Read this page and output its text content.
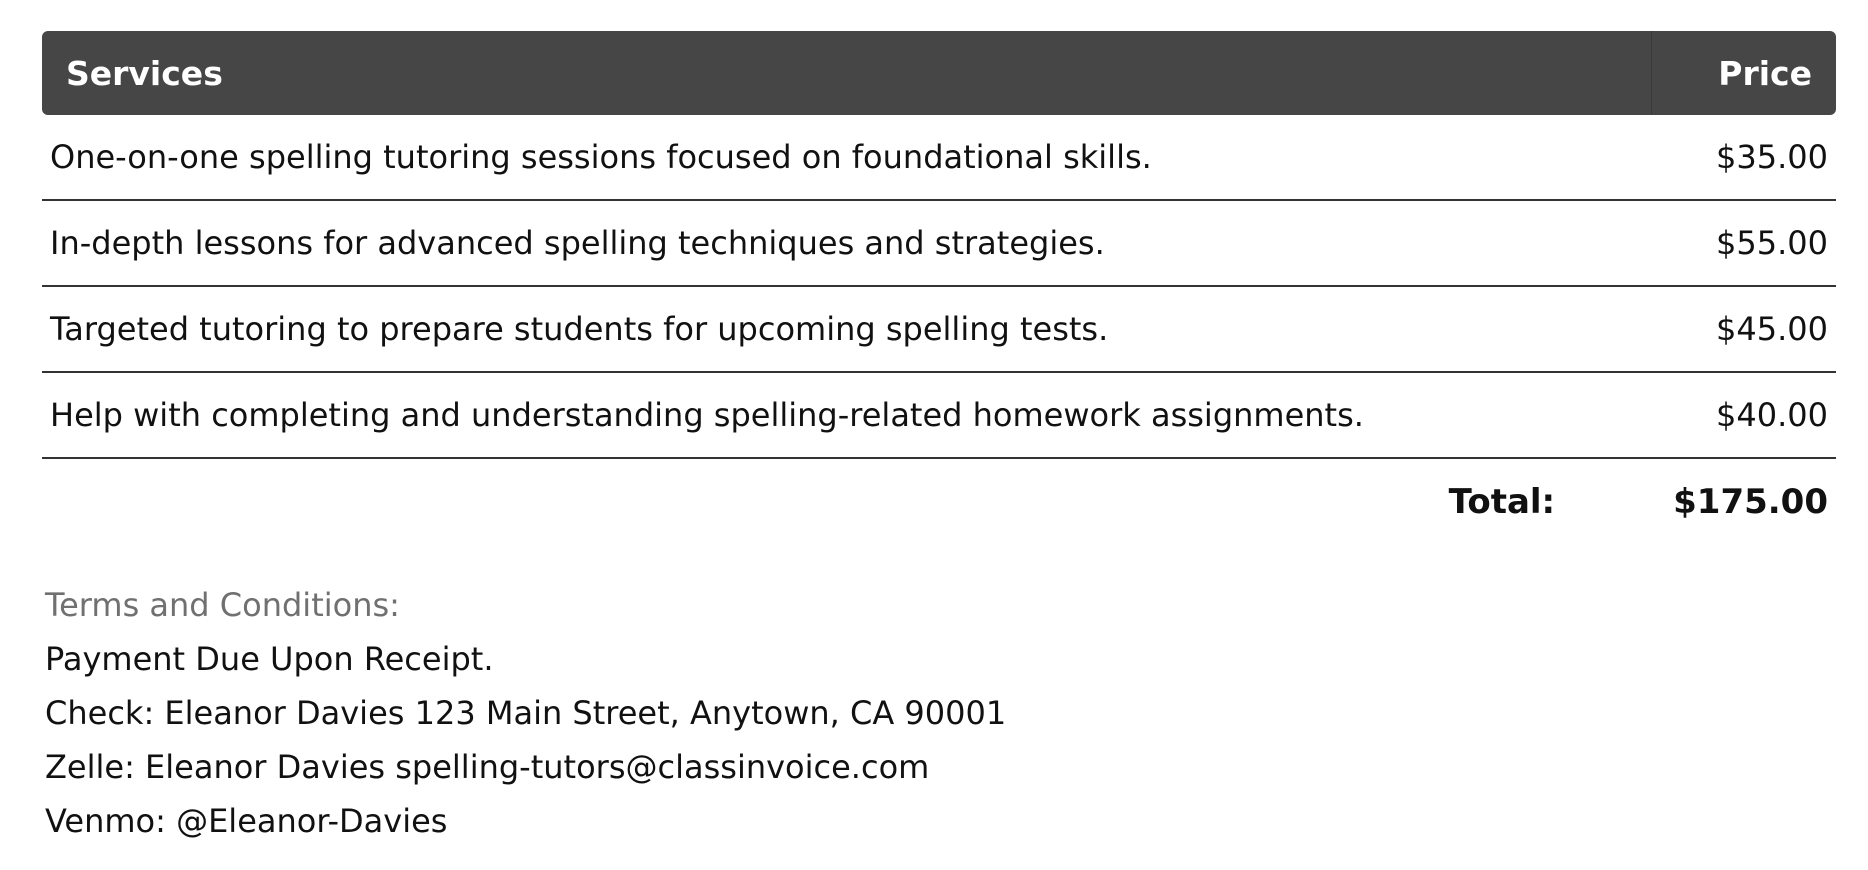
Services	Price
One-on-one spelling tutoring sessions focused on foundational skills.	$35.00
In-depth lessons for advanced spelling techniques and strategies.	$55.00
Targeted tutoring to prepare students for upcoming spelling tests.	$45.00
Help with completing and understanding spelling-related homework assignments.	$40.00
Total:	$175.00
Terms and Conditions:
Payment Due Upon Receipt.
Check: Eleanor Davies 123 Main Street, Anytown, CA 90001
Zelle: Eleanor Davies spelling-tutors@classinvoice.com
Venmo: @Eleanor-Davies
